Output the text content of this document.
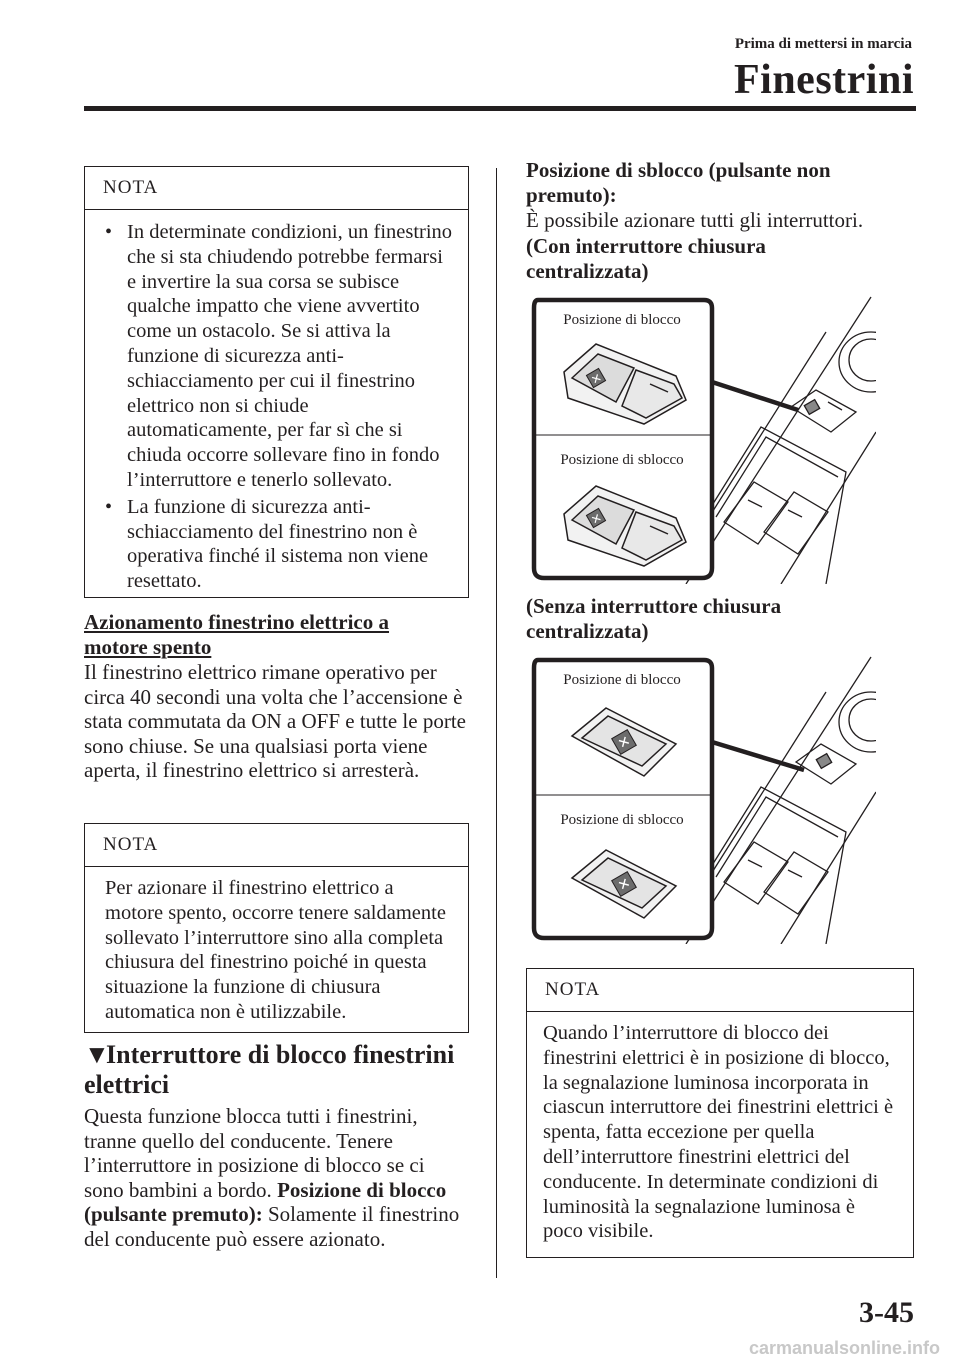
Prima di mettersi in marcia
Finestrini
NOTA
• In determinate condizioni, un finestrino che si sta chiudendo potrebbe fermarsi e invertire la sua corsa se subisce qualche impatto che viene avvertito come un ostacolo. Se si attiva la funzione di sicurezza anti-schiacciamento per cui il finestrino elettrico non si chiude automaticamente, per far sì che si chiuda occorre sollevare fino in fondo l’interruttore e tenerlo sollevato.
• La funzione di sicurezza anti-schiacciamento del finestrino non è operativa finché il sistema non viene resettato.
Azionamento finestrino elettrico a motore spento
Il finestrino elettrico rimane operativo per circa 40 secondi una volta che l’accensione è stata commutata da ON a OFF e tutte le porte sono chiuse. Se una qualsiasi porta viene aperta, il finestrino elettrico si arresterà.
NOTA
Per azionare il finestrino elettrico a motore spento, occorre tenere saldamente sollevato l’interruttore sino alla completa chiusura del finestrino poiché in questa situazione la funzione di chiusura automatica non è utilizzabile.
▼Interruttore di blocco finestrini elettrici
Questa funzione blocca tutti i finestrini, tranne quello del conducente. Tenere l’interruttore in posizione di blocco se ci sono bambini a bordo. Posizione di blocco (pulsante premuto): Solamente il finestrino del conducente può essere azionato.
Posizione di sblocco (pulsante non premuto):
È possibile azionare tutti gli interruttori.
(Con interruttore chiusura centralizzata)
Posizione di blocco
Posizione di sblocco
✕
✕
(Senza interruttore chiusura centralizzata)
Posizione di blocco
Posizione di sblocco
✕
✕
NOTA
Quando l’interruttore di blocco dei finestrini elettrici è in posizione di blocco, la segnalazione luminosa incorporata in ciascun interruttore dei finestrini elettrici è spenta, fatta eccezione per quella dell’interruttore finestrini elettrici del conducente. In determinate condizioni di luminosità la segnalazione luminosa è poco visibile.
3-45
carmanualsonline.info
